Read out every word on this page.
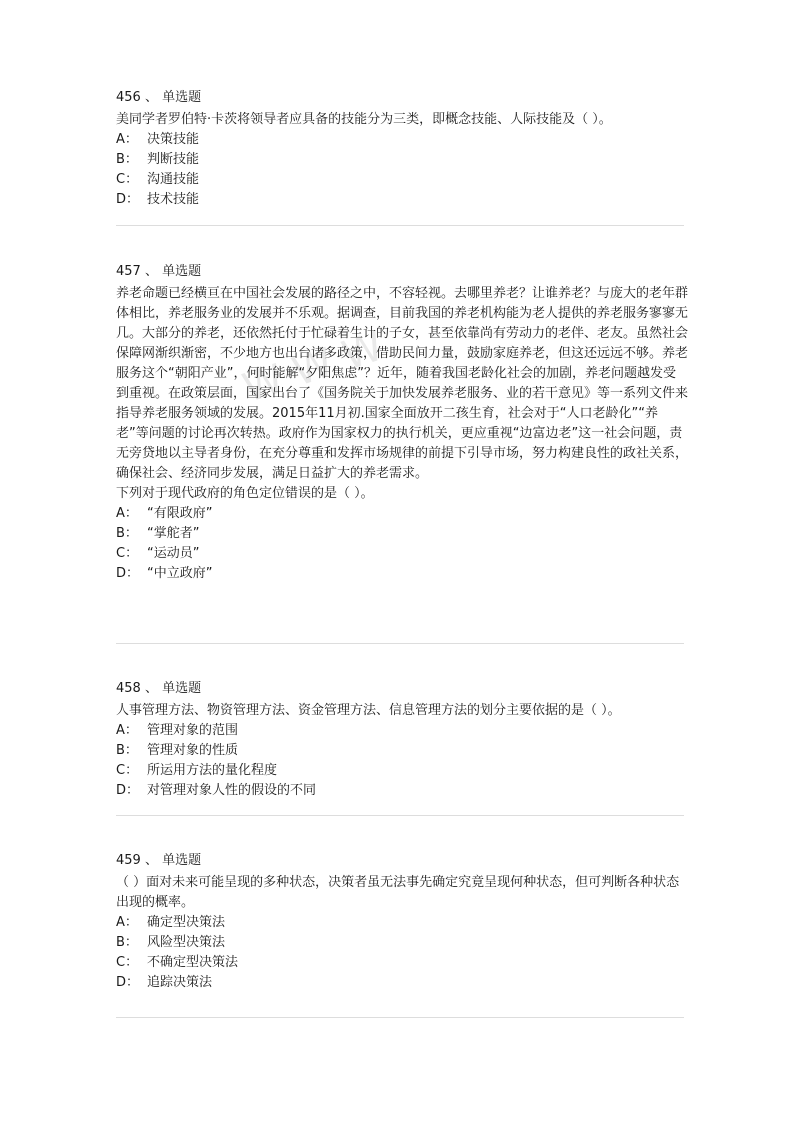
W W W
456 、 单选题

美同学者罗伯特·卡茨将领导者应具备的技能分为三类，即概念技能、人际技能及（ ）。

A： 决策技能
B： 判断技能
C： 沟通技能
D： 技术技能
457 、 单选题

养老命题已经横亘在中国社会发展的路径之中，不容轻视。去哪里养老？让谁养老？与庞大的老年群体相比，养老服务业的发展并不乐观。据调查，目前我国的养老机构能为老人提供的养老服务寥寥无几。大部分的养老，还依然托付于忙碌着生计的子女，甚至依靠尚有劳动力的老伴、老友。虽然社会保障网渐织渐密，不少地方也出台诸多政策，借助民间力量，鼓励家庭养老，但这还远远不够。养老服务这个“朝阳产业”，何时能解“夕阳焦虑”？近年，随着我国老龄化社会的加剧，养老问题越发受到重视。在政策层面，国家出台了《国务院关于加快发展养老服务、业的若干意见》等一系列文件来指导养老服务领域的发展。2015年11月初.国家全面放开二孩生育，社会对于“人口老龄化”“养老”等问题的讨论再次转热。政府作为国家权力的执行机关，更应重视“边富边老”这一社会问题，责无旁贷地以主导者身份，在充分尊重和发挥市场规律的前提下引导市场，努力构建良性的政社关系，确保社会、经济同步发展，满足日益扩大的养老需求。

下列对于现代政府的角色定位错误的是（ ）。

A： “有限政府”
B： “掌舵者”
C： “运动员”
D： “中立政府”
458 、 单选题

人事管理方法、物资管理方法、资金管理方法、信息管理方法的划分主要依据的是（ ）。

A： 管理对象的范围
B： 管理对象的性质
C： 所运用方法的量化程度
D： 对管理对象人性的假设的不同
459 、 单选题

（ ）面对未来可能呈现的多种状态，决策者虽无法事先确定究竟呈现何种状态，但可判断各种状态出现的概率。

A： 确定型决策法
B： 风险型决策法
C： 不确定型决策法
D： 追踪决策法
